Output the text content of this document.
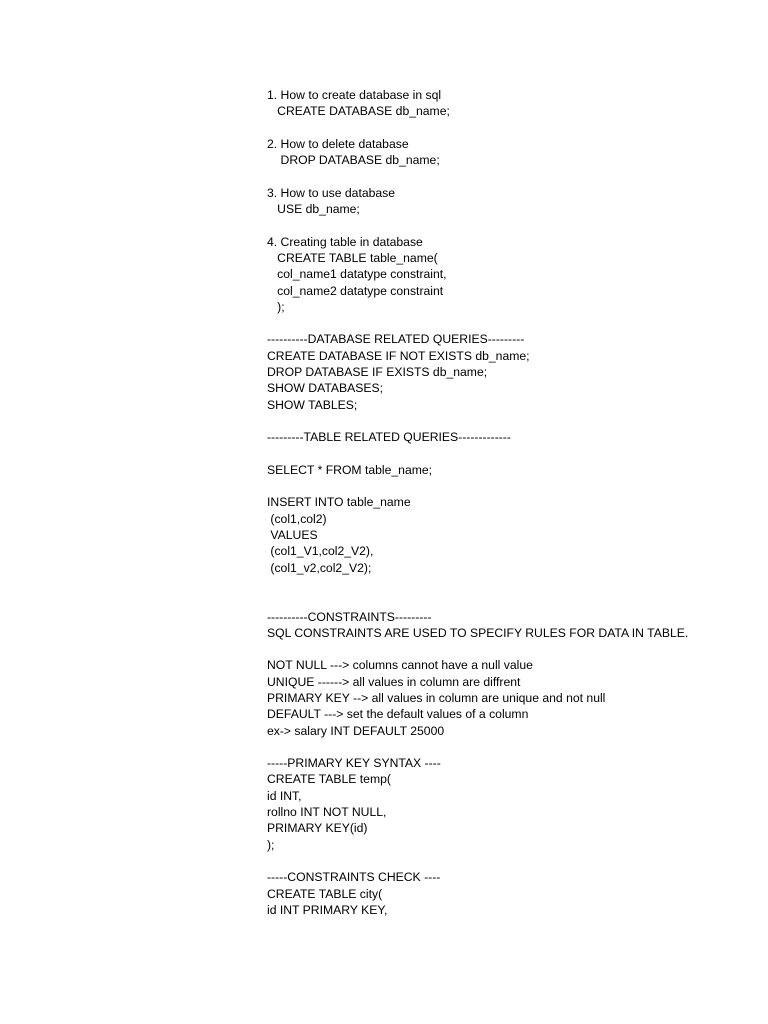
1. How to create database in sql
CREATE DATABASE db_name;
2. How to delete database
DROP DATABASE db_name;
3. How to use database
USE db_name;
4. Creating table in database
CREATE TABLE table_name(
col_name1 datatype constraint,
col_name2 datatype constraint
);
----------DATABASE RELATED QUERIES---------
CREATE DATABASE IF NOT EXISTS db_name;
DROP DATABASE IF EXISTS db_name;
SHOW DATABASES;
SHOW TABLES;
---------TABLE RELATED QUERIES-------------
SELECT * FROM table_name;
INSERT INTO table_name
(col1,col2)
VALUES
(col1_V1,col2_V2),
(col1_v2,col2_V2);
----------CONSTRAINTS---------
SQL CONSTRAINTS ARE USED TO SPECIFY RULES FOR DATA IN TABLE.
NOT NULL ---> columns cannot have a null value
UNIQUE ------> all values in column are diffrent
PRIMARY KEY --> all values in column are unique and not null
DEFAULT ---> set the default values of a column
ex-> salary INT DEFAULT 25000
-----PRIMARY KEY SYNTAX ----
CREATE TABLE temp(
id INT,
rollno INT NOT NULL,
PRIMARY KEY(id)
);
-----CONSTRAINTS CHECK ----
CREATE TABLE city(
id INT PRIMARY KEY,
